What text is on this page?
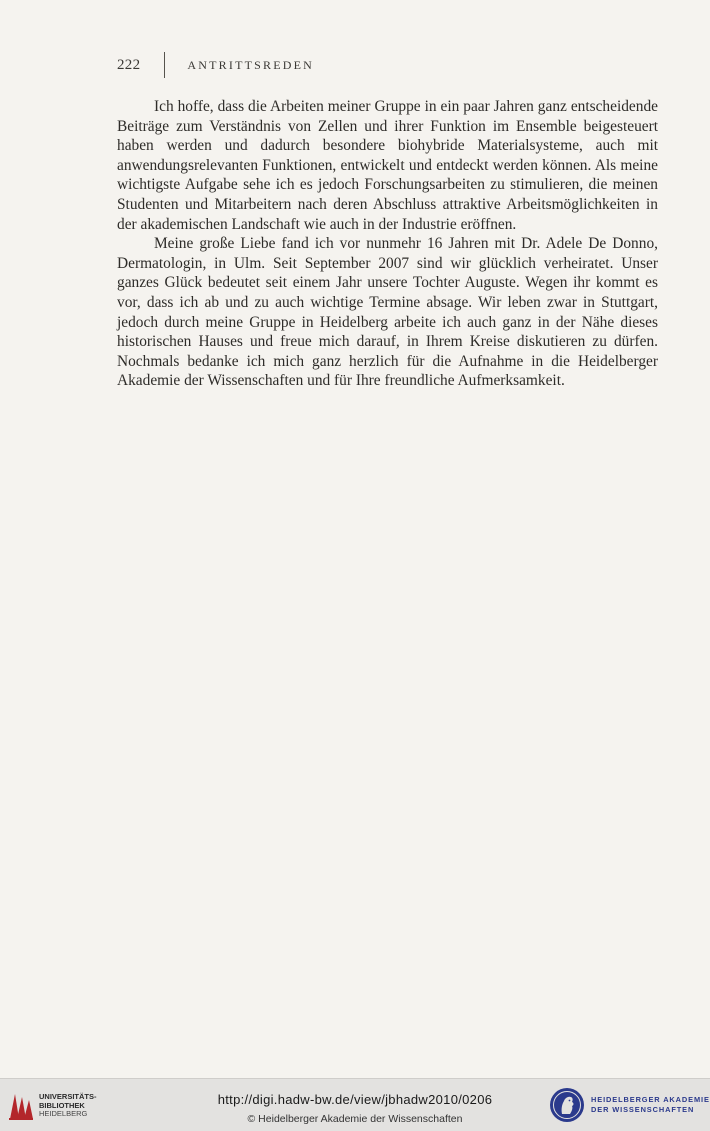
222	ANTRITTSREDEN

Ich hoffe, dass die Arbeiten meiner Gruppe in ein paar Jahren ganz entscheidende Beiträge zum Verständnis von Zellen und ihrer Funktion im Ensemble beigesteuert haben werden und dadurch besondere biohybride Materialsysteme, auch mit anwendungsrelevanten Funktionen, entwickelt und entdeckt werden können. Als meine wichtigste Aufgabe sehe ich es jedoch Forschungsarbeiten zu stimulieren, die meinen Studenten und Mitarbeitern nach deren Abschluss attraktive Arbeitsmöglichkeiten in der akademischen Landschaft wie auch in der Industrie eröffnen.

Meine große Liebe fand ich vor nunmehr 16 Jahren mit Dr. Adele De Donno, Dermatologin, in Ulm. Seit September 2007 sind wir glücklich verheiratet. Unser ganzes Glück bedeutet seit einem Jahr unsere Tochter Auguste. Wegen ihr kommt es vor, dass ich ab und zu auch wichtige Termine absage. Wir leben zwar in Stuttgart, jedoch durch meine Gruppe in Heidelberg arbeite ich auch ganz in der Nähe dieses historischen Hauses und freue mich darauf, in Ihrem Kreise diskutieren zu dürfen. Nochmals bedanke ich mich ganz herzlich für die Aufnahme in die Heidelberger Akademie der Wissenschaften und für Ihre freundliche Aufmerksamkeit.

UNIVERSITÄTS-
BIBLIOTHEK
HEIDELBERG
http://digi.hadw-bw.de/view/jbhadw2010/0206
© Heidelberger Akademie der Wissenschaften
HEIDELBERGER AKADEMIE
DER WISSENSCHAFTEN
